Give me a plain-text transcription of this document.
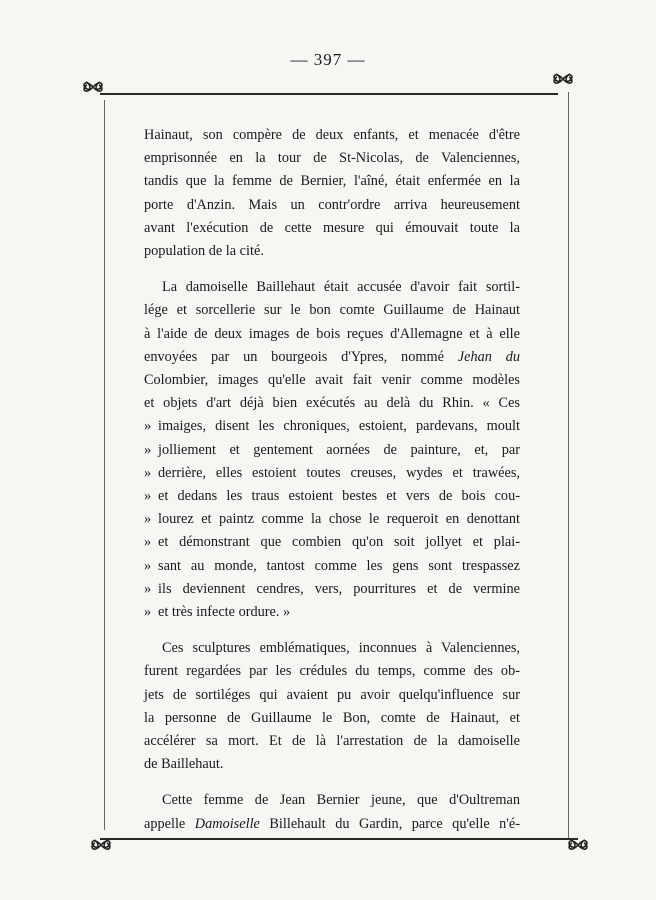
— 397 —
Hainaut, son compère de deux enfants, et menacée d'être
emprisonnée en la tour de St-Nicolas, de Valenciennes,
tandis que la femme de Bernier, l'aîné, était enfermée en la
porte d'Anzin. Mais un contr'ordre arriva heureusement
avant l'exécution de cette mesure qui émouvait toute la
population de la cité.
La damoiselle Baillehaut était accusée d'avoir fait sortil-
lége et sorcellerie sur le bon comte Guillaume de Hainaut
à l'aide de deux images de bois reçues d'Allemagne et à elle
envoyées par un bourgeois d'Ypres, nommé Jehan du
Colombier, images qu'elle avait fait venir comme modèles
et objets d'art déjà bien exécutés au delà du Rhin. « Ces
» imaiges, disent les chroniques, estoient, pardevans, moult
» jolliement et gentement aornées de painture, et, par
» derrière, elles estoient toutes creuses, wydes et trawées,
» et dedans les traus estoient bestes et vers de bois cou-
» lourez et paintz comme la chose le requeroit en denottant
» et démonstrant que combien qu'on soit jollyet et plai-
» sant au monde, tantost comme les gens sont trespassez
» ils deviennent cendres, vers, pourritures et de vermine
» et très infecte ordure. »
Ces sculptures emblématiques, inconnues à Valenciennes,
furent regardées par les crédules du temps, comme des ob-
jets de sortiléges qui avaient pu avoir quelqu'influence sur
la personne de Guillaume le Bon, comte de Hainaut, et
accélérer sa mort. Et de là l'arrestation de la damoiselle
de Baillehaut.
Cette femme de Jean Bernier jeune, que d'Oultreman
appelle Damoiselle Billehault du Gardin, parce qu'elle n'é-
